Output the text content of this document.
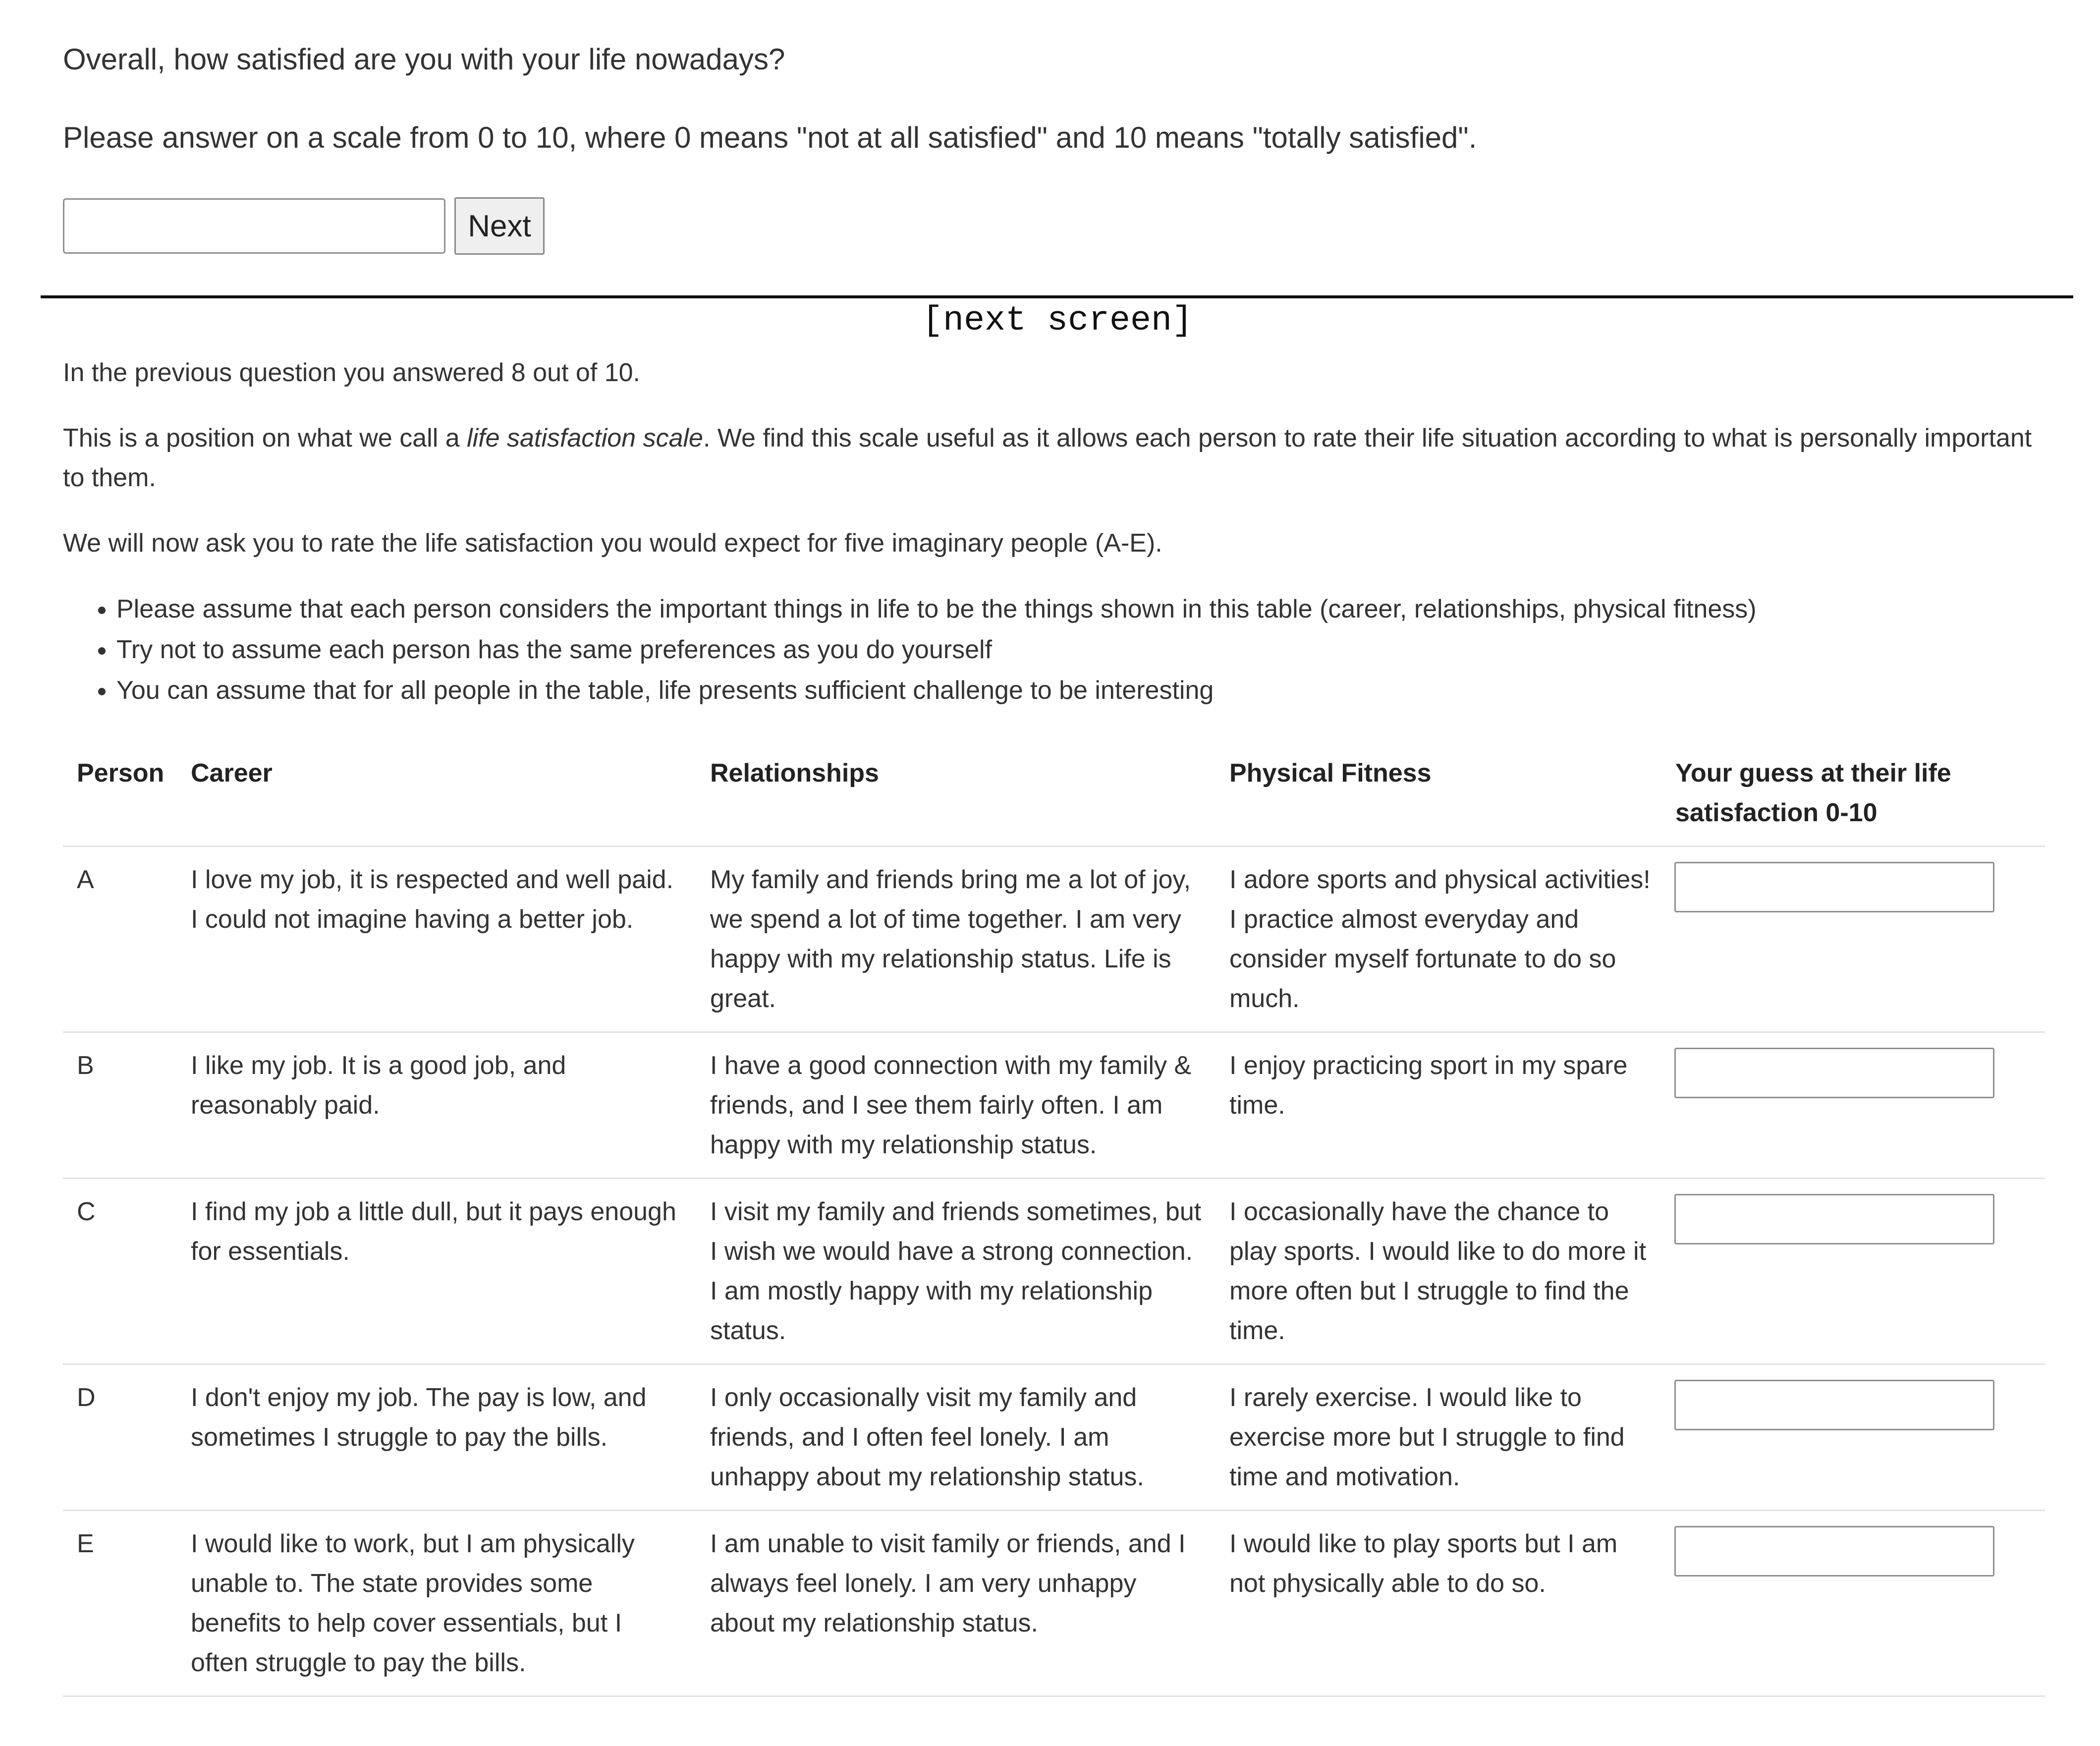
Overall, how satisfied are you with your life nowadays?

Please answer on a scale from 0 to 10, where 0 means "not at all satisfied" and 10 means "totally satisfied".

Next
[next screen]

In the previous question you answered 8 out of 10.

This is a position on what we call a life satisfaction scale. We find this scale useful as it allows each person to rate their life situation according to what is personally important to them.

We will now ask you to rate the life satisfaction you would expect for five imaginary people (A-E).

• Please assume that each person considers the important things in life to be the things shown in this table (career, relationships, physical fitness)
• Try not to assume each person has the same preferences as you do yourself
• You can assume that for all people in the table, life presents sufficient challenge to be interesting
Person	Career	Relationships	Physical Fitness	Your guess at their life satisfaction 0-10
A	I love my job, it is respected and well paid. I could not imagine having a better job.	My family and friends bring me a lot of joy, we spend a lot of time together. I am very happy with my relationship status. Life is great.	I adore sports and physical activities! I practice almost everyday and consider myself fortunate to do so much.	
B	I like my job. It is a good job, and reasonably paid.	I have a good connection with my family & friends, and I see them fairly often. I am happy with my relationship status.	I enjoy practicing sport in my spare time.	
C	I find my job a little dull, but it pays enough for essentials.	I visit my family and friends sometimes, but I wish we would have a strong connection. I am mostly happy with my relationship status.	I occasionally have the chance to play sports. I would like to do more it more often but I struggle to find the time.	
D	I don't enjoy my job. The pay is low, and sometimes I struggle to pay the bills.	I only occasionally visit my family and friends, and I often feel lonely. I am unhappy about my relationship status.	I rarely exercise. I would like to exercise more but I struggle to find time and motivation.	
E	I would like to work, but I am physically unable to. The state provides some benefits to help cover essentials, but I often struggle to pay the bills.	I am unable to visit family or friends, and I always feel lonely. I am very unhappy about my relationship status.	I would like to play sports but I am not physically able to do so.	
